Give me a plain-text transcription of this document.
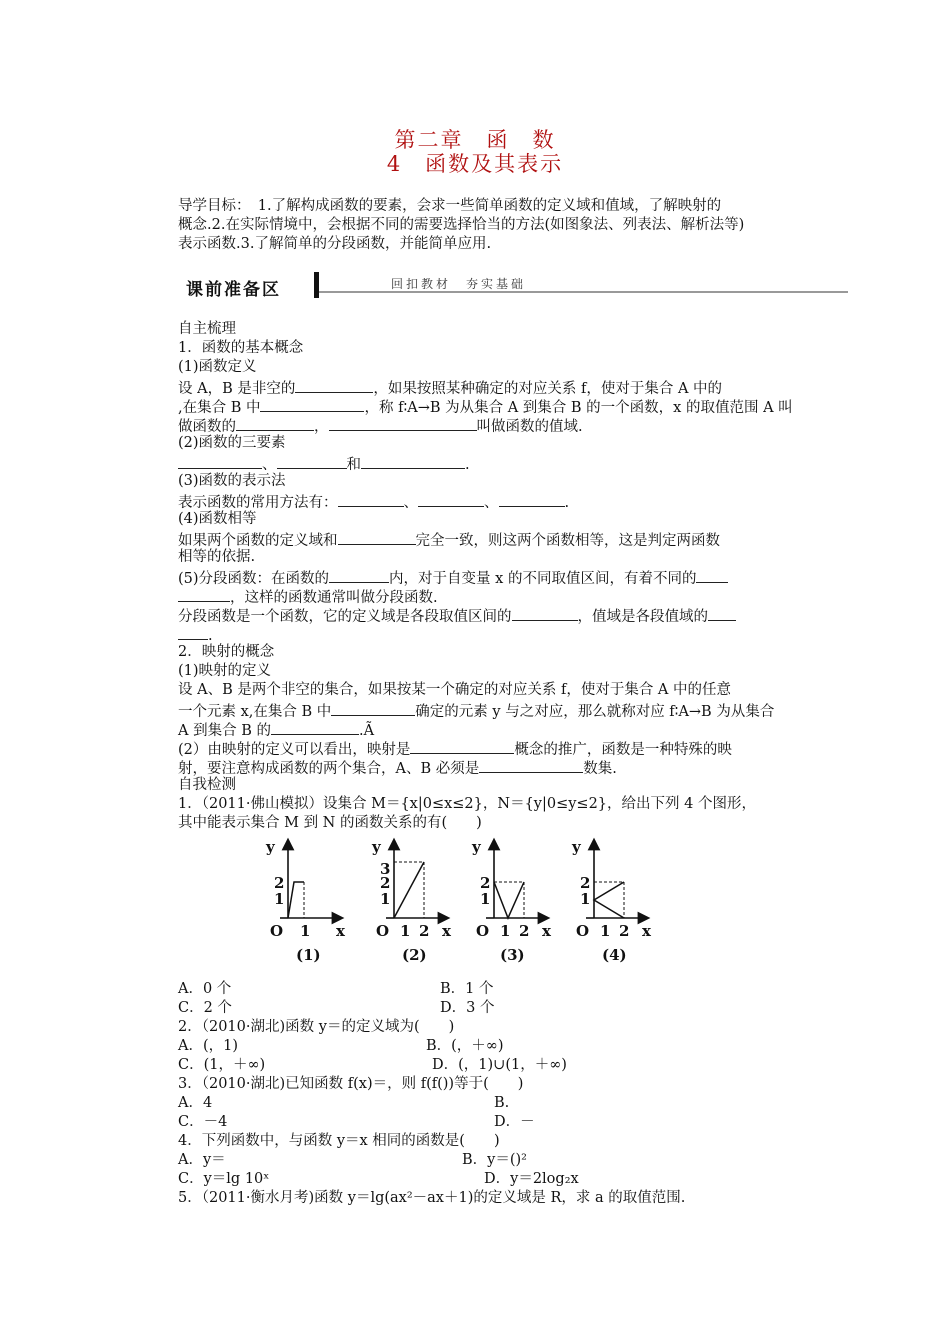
第二章　函　数
4　函数及其表示
导学目标：　1.了解构成函数的要素，会求一些简单函数的定义域和值域，了解映射的
概念.2.在实际情境中，会根据不同的需要选择恰当的方法(如图象法、列表法、解析法等)
表示函数.3.了解简单的分段函数，并能简单应用.
课前准备区	回扣教材　夯实基础
自主梳理
1．函数的基本概念
(1)函数定义
设 A，B 是非空的	，如果按照某种确定的对应关系 f，使对于集合 A 中的
,在集合 B 中	，称 f∶A→B 为从集合 A 到集合 B 的一个函数，x 的取值范围 A 叫
做函数的	，	叫做函数的值域.
(2)函数的三要素
、	和	.
(3)函数的表示法
表示函数的常用方法有：	、	、	.
(4)函数相等
如果两个函数的定义域和	完全一致，则这两个函数相等，这是判定两函数
相等的依据.
(5)分段函数：在函数的	内，对于自变量 x 的不同取值区间，有着不同的
，这样的函数通常叫做分段函数.
分段函数是一个函数，它的定义域是各段取值区间的	，值域是各段值域的
.
2．映射的概念
(1)映射的定义
设 A、B 是两个非空的集合，如果按某一个确定的对应关系 f，使对于集合 A 中的任意
一个元素 x,在集合 B 中	确定的元素 y 与之对应，那么就称对应 f∶A→B 为从集合
A 到集合 B 的	.Ã
(2）由映射的定义可以看出，映射是	概念的推广，函数是一种特殊的映
射，要注意构成函数的两个集合，A、B 必须是	数集.
自我检测
1．（2011·佛山模拟）设集合 M＝{x|0≤x≤2}，N＝{y|0≤y≤2}，给出下列 4 个图形，
其中能表示集合 M 到 N 的函数关系的有(　　)
y
x
O
2
1
1
(1)
y
x
O
3
2
1
1 2
(2)
y
x
O
2
1
1 2
(3)
y
x
O
2
1
1 2
(4)
A．0 个	B．1 个
C．2 个	D．3 个
2．（2010·湖北)函数 y＝的定义域为(　　)
A．(，1)	B．(，＋∞)
C．(1，＋∞)	D．(，1)∪(1，＋∞)
3．（2010·湖北)已知函数 f(x)＝，则 f(f())等于(　　)
A．4	B.
C．－4	D．－
4．下列函数中，与函数 y＝x 相同的函数是(　　)
A．y＝	B．y＝()²
C．y＝lg 10ˣ	D．y＝2log₂x
5．（2011·衡水月考)函数 y＝lg(ax²－ax＋1)的定义域是 R，求 a 的取值范围.
